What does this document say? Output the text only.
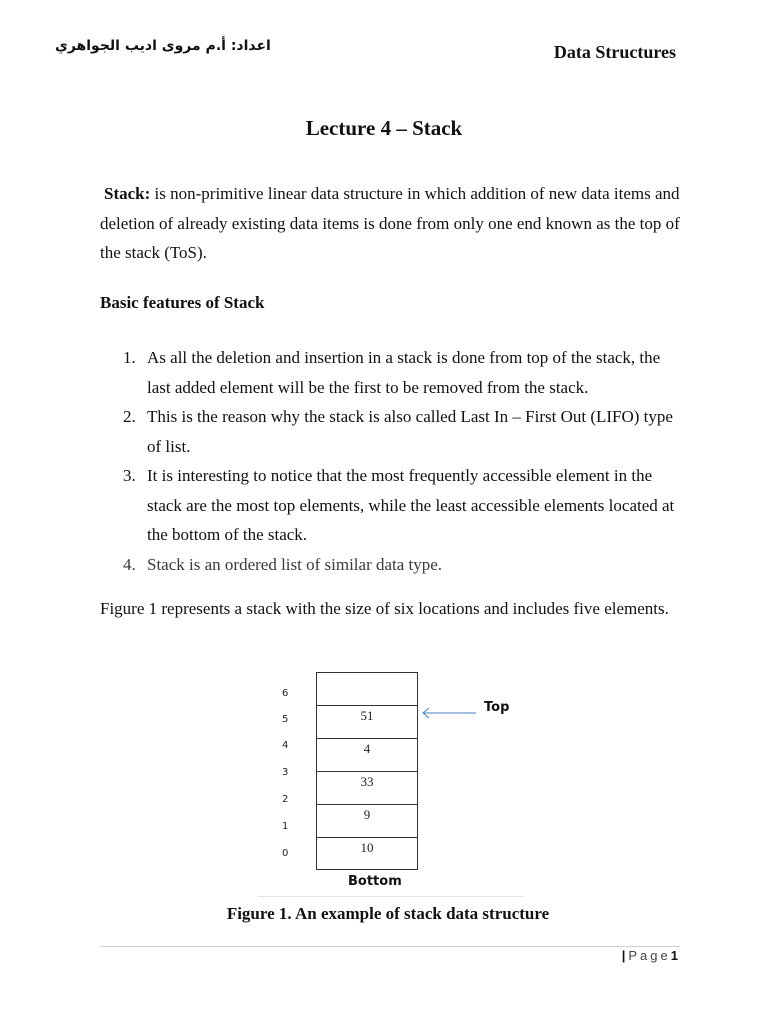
اعداد: أ.م مروى اديب الجواهري	Data Structures
Lecture 4 – Stack
Stack: is non-primitive linear data structure in which addition of new data items and deletion of already existing data items is done from only one end known as the top of the stack (ToS).
Basic features of Stack
1. As all the deletion and insertion in a stack is done from top of the stack, the last added element will be the first to be removed from the stack.
2. This is the reason why the stack is also called Last In – First Out (LIFO) type of list.
3. It is interesting to notice that the most frequently accessible element in the stack are the most top elements, while the least accessible elements located at the bottom of the stack.
4. Stack is an ordered list of similar data type.
Figure 1 represents a stack with the size of six locations and includes five elements.
6
5
4
3
2
1
0
51
4
33
9
10
Top
Bottom
Figure 1. An example of stack data structure
| Page1
